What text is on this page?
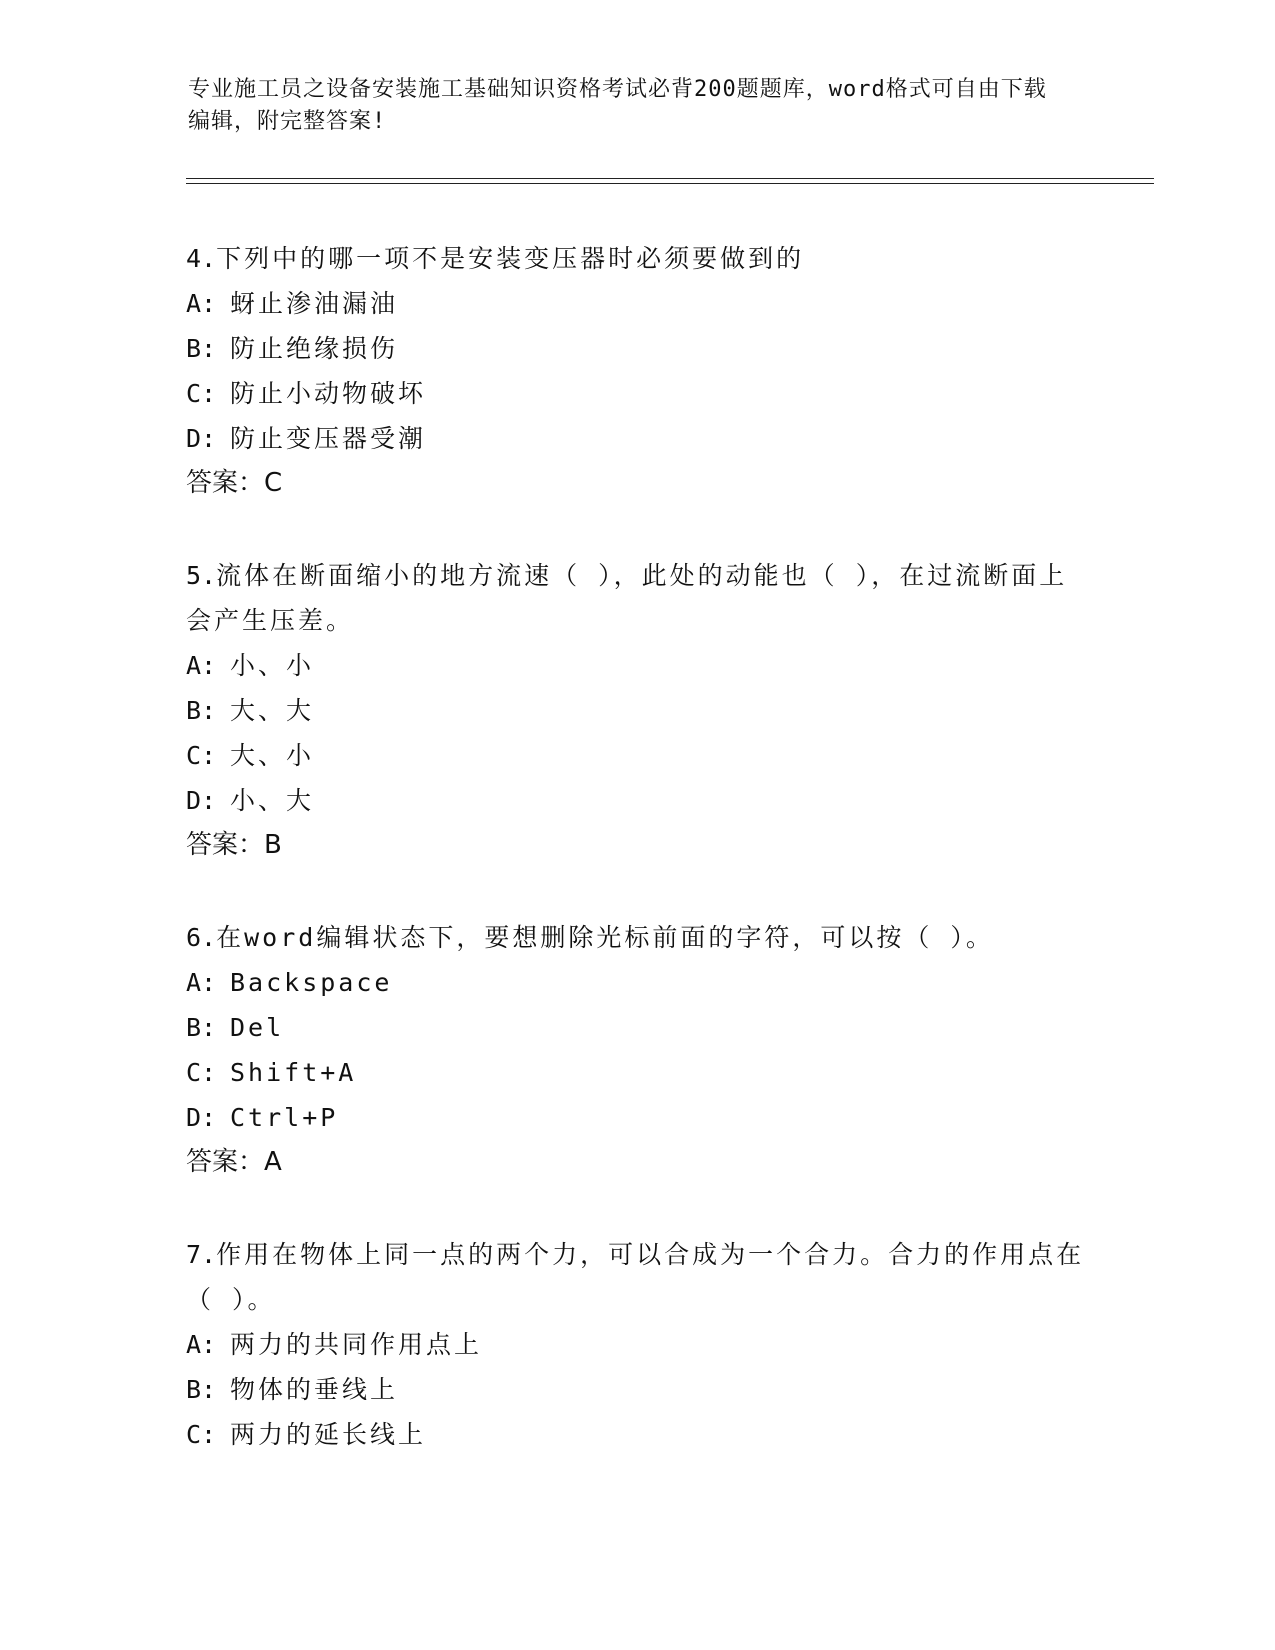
专业施工员之设备安装施工基础知识资格考试必背200题题库，word格式可自由下载编辑，附完整答案!

4.下列中的哪一项不是安装变压器时必须要做到的

A: 蚜止渗油漏油

B: 防止绝缘损伤

C: 防止小动物破坏

D: 防止变压器受潮

答案：C

5.流体在断面缩小的地方流速（ ），此处的动能也（ ），在过流断面上会产生压差。

A: 小、小

B: 大、大

C: 大、小

D: 小、大

答案：B

6.在word编辑状态下，要想删除光标前面的字符，可以按（ ）。

A: Backspace

B: Del

C: Shift+A

D: Ctrl+P

答案：A

7.作用在物体上同一点的两个力，可以合成为一个合力。合力的作用点在（ ）。

A: 两力的共同作用点上

B: 物体的垂线上

C: 两力的延长线上
